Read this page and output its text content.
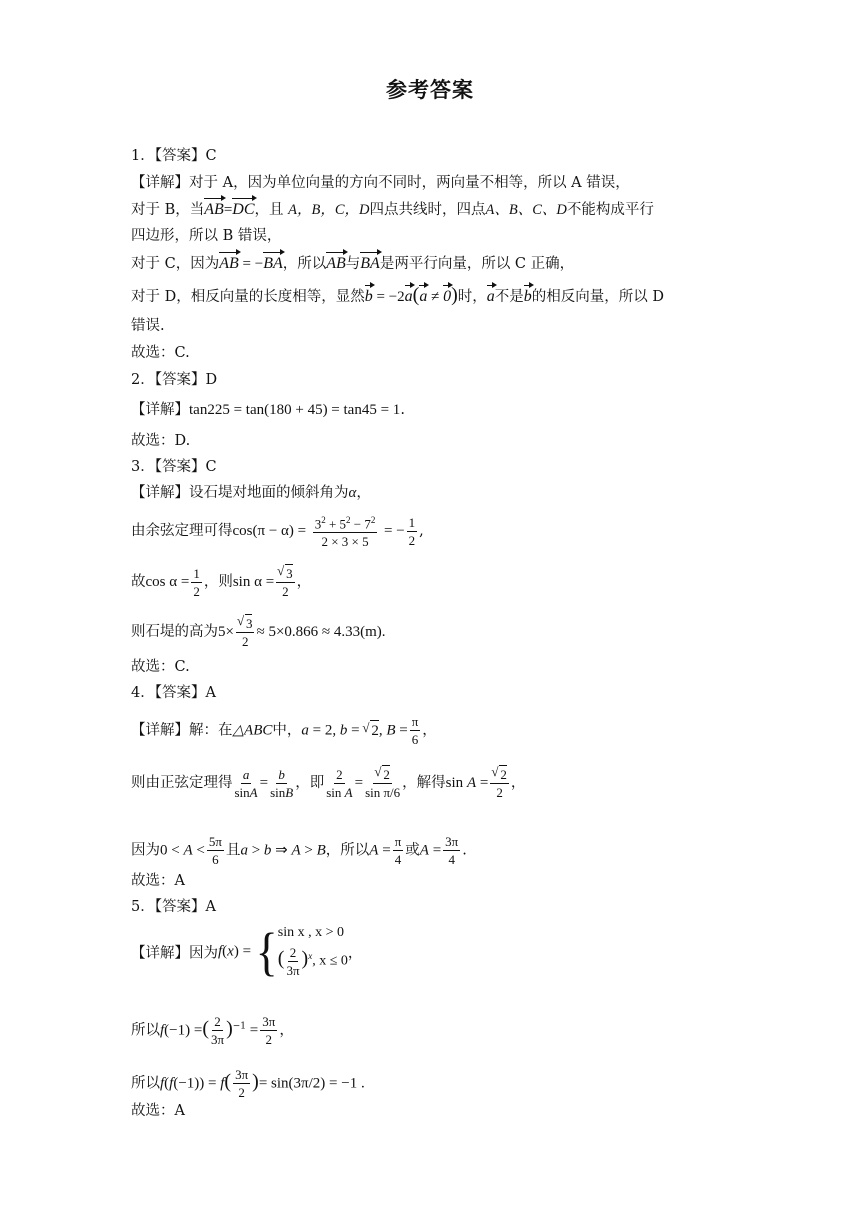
参考答案
1．【答案】C
【详解】对于 A，因为单位向量的方向不同时，两向量不相等，所以 A 错误，
对于 B，当AB=DC，且 A，B，C，D四点共线时，四点A、B、C、D不能构成平行
四边形，所以 B 错误，
对于 C，因为AB = −BA，所以AB与BA是两平行向量，所以 C 正确，
对于 D，相反向量的长度相等，显然b = −2a(a ≠ 0)时，a不是b的相反向量，所以 D
错误.
故选：C.
2．【答案】D
【详解】tan225 = tan(180 + 45) = tan45 = 1.
故选：D.
3．【答案】C
【详解】设石堤对地面的倾斜角为α，
由余弦定理可得$\cos(\pi - \alpha) = \frac{3^2 + 5^2 - 7^2}{2 \times 3 \times 5}$ = − $\frac{1}{2}$ ,
故$\cos \alpha = \frac{1}{2}$ ，则sin α = √ $\frac{3}{2}$ ，
则石堤的高为5× √ $\frac{3}{2} \approx 5\times 0.866 \approx 4.33(m)$.
故选：C.
4．【答案】A
【详解】解：在△ABC中，a = 2, b = √ 2, $B = \frac{\pi}{6}$ ，
则由正弦定理得 $\frac{a}{\sin A} = \frac{b}{\sin B}$ ，即 $\frac{2}{\text{sin A}}$ = √ $\frac{2}{\text{sin π/6}}$ ，解得sin A = √ $\frac{2}{2}$ ，
因为$0 < A < \frac{5\pi}{6}$ 且a > b ⇒ A > B，所以$A = \frac{\pi}{4}$ 或$A = \frac{3\pi}{4}$ .
故选：A
5．【答案】A
【详解】因为f(x) = { sin x , x > 0
( $\frac{2}{3\pi} )^x$, x ≤ 0 ，
所以f(−1) =( $\frac{2}{3\pi} )^{-1} = \frac{3\pi}{2}$ ，
所以$f(f(-1)) = f( \frac{3\pi}{2}$ )= sin(3π/2) = −1 .
故选：A
